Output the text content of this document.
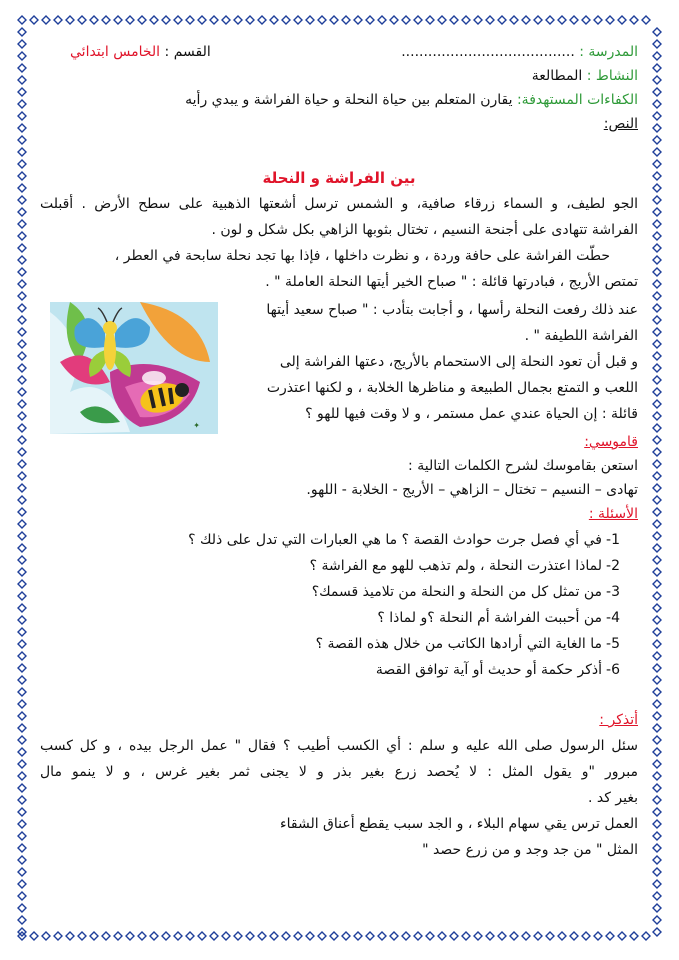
المدرسة : .......................................
القسم : الخامس ابتدائي
النشاط : المطالعة
الكفاءات المستهدفة: يقارن المتعلم بين حياة النحلة و حياة الفراشة و يبدي رأيه
النص:
بين الفراشة و النحلة
الجو لطيف، و السماء زرقاء صافية، و الشمس ترسل أشعتها الذهبية على سطح الأرض . أقبلت
الفراشة تتهادى على أجنحة النسيم ، تختال بثوبها الزاهي بكل شكل و لون .
حطّت الفراشة على حافة وردة ، و نظرت داخلها ، فإذا بها تجد نحلة سابحة في العطر ،
تمتص الأريج ، فبادرتها قائلة : " صباح الخير أيتها النحلة العاملة " .
عند ذلك رفعت النحلة رأسها ، و أجابت بتأدب : " صباح سعيد أيتها
الفراشة اللطيفة " .
و قبل أن تعود النحلة إلى الاستحمام بالأريج، دعتها الفراشة إلى
اللعب و التمتع بجمال الطبيعة و مناظرها الخلابة ، و لكنها اعتذرت
قائلة : إن الحياة عندي عمل مستمر ، و لا وقت فيها للهو ؟
✦
قاموسي:
استعن بقاموسك لشرح الكلمات التالية :
تهادى – النسيم – تختال – الزاهي – الأريج - الخلابة - اللهو.
الأسئلة :
1-في أي فصل جرت حوادث القصة ؟ ما هي العبارات التي تدل على ذلك ؟
2-لماذا اعتذرت النحلة ، ولم تذهب للهو مع الفراشة ؟
3-من تمثل كل من النحلة و النحلة من تلاميذ قسمك؟
4-من أحببت الفراشة أم النحلة ؟و لماذا ؟
5-ما الغاية التي أرادها الكاتب من خلال هذه القصة ؟
6-أذكر حكمة أو حديث أو آية توافق القصة
أتذكر :
سئل الرسول صلى الله عليه و سلم : أي الكسب أطيب ؟ فقال " عمل الرجل بيده ، و كل كسب
مبرور "و يقول المثل : لا يُحصد زرع بغير بذر و لا يجنى ثمر بغير غرس ، و لا ينمو مال
بغير كد .
العمل ترس يقي سهام البلاء ، و الجد سبب يقطع أعناق الشقاء
المثل " من جد وجد و من زرع حصد "
